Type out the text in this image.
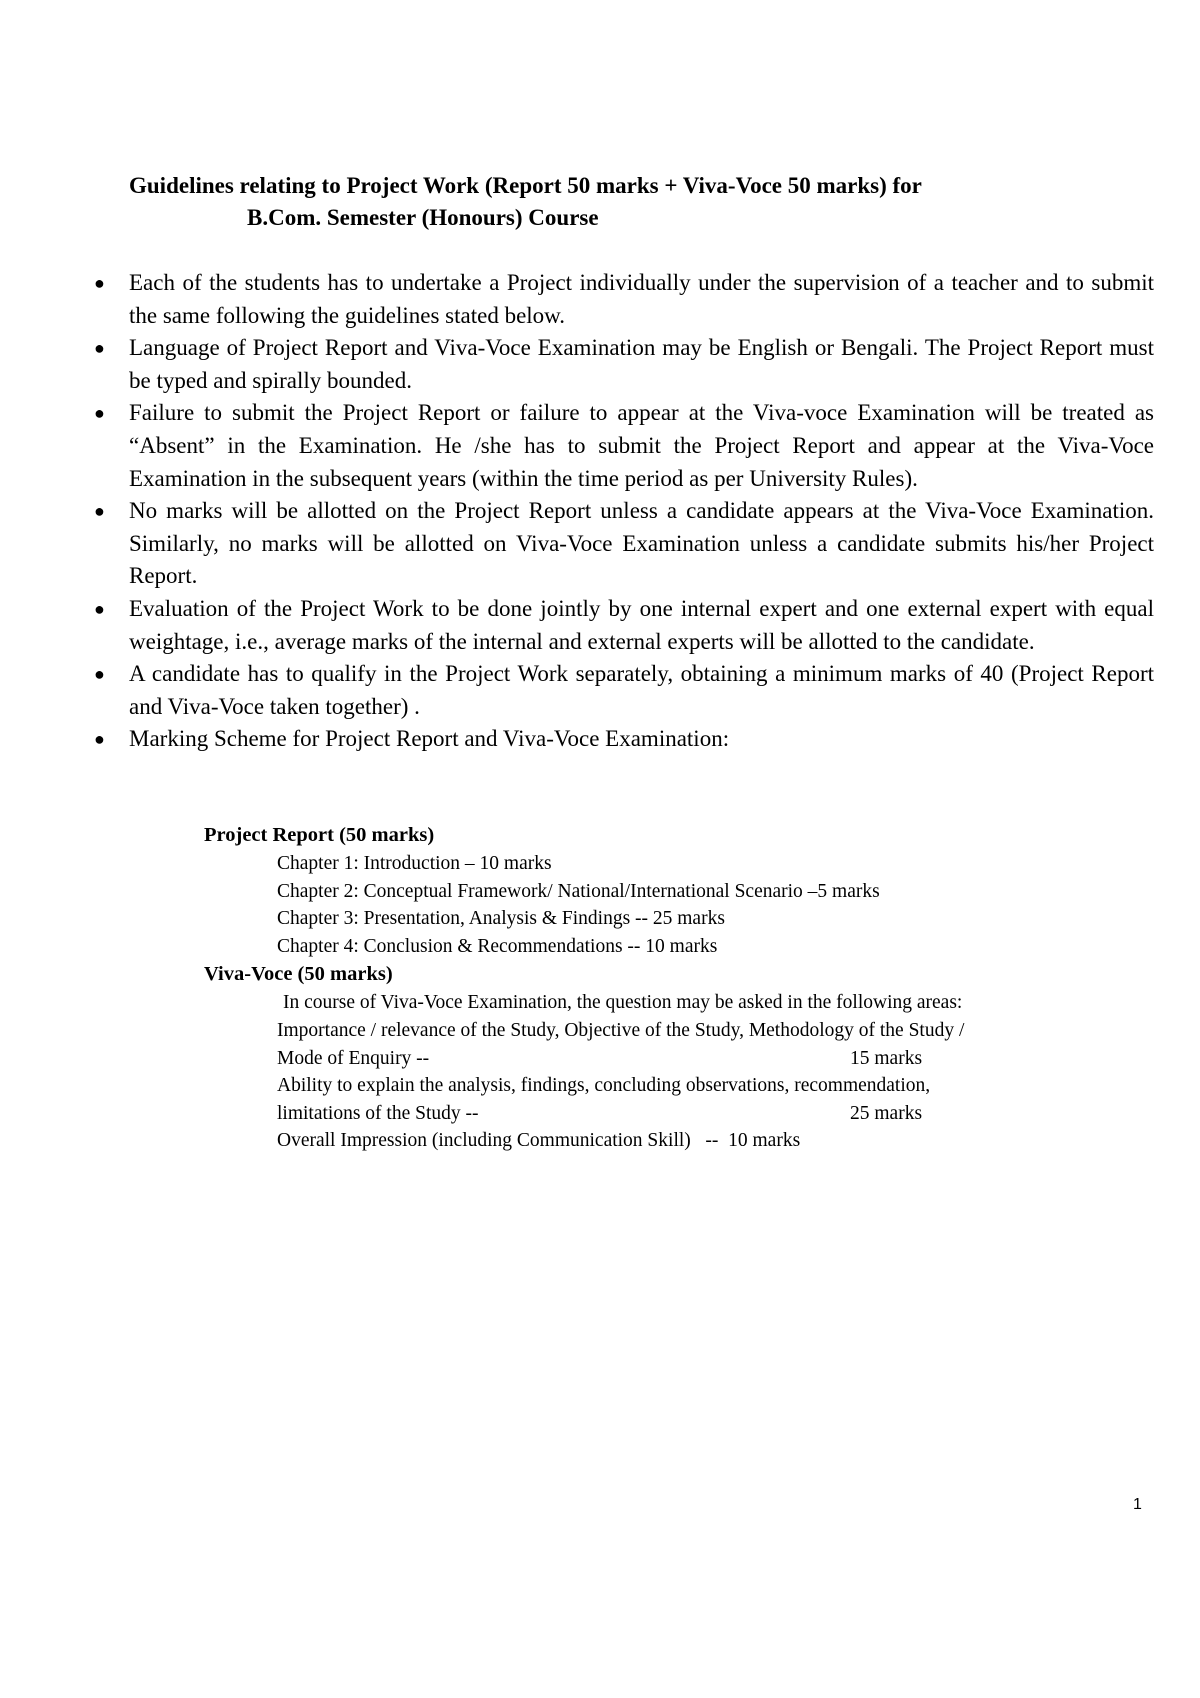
Guidelines relating to Project Work (Report 50 marks + Viva-Voce 50 marks) for
B.Com. Semester (Honours) Course
● Each of the students has to undertake a Project individually under the supervision of a teacher and to submit the same following the guidelines stated below.
● Language of Project Report and Viva-Voce Examination may be English or Bengali. The Project Report must be typed and spirally bounded.
● Failure to submit the Project Report or failure to appear at the Viva-voce Examination will be treated as “Absent” in the Examination. He /she has to submit the Project Report and appear at the Viva-Voce Examination in the subsequent years (within the time period as per University Rules).
● No marks will be allotted on the Project Report unless a candidate appears at the Viva-Voce Examination. Similarly, no marks will be allotted on Viva-Voce Examination unless a candidate submits his/her Project Report.
● Evaluation of the Project Work to be done jointly by one internal expert and one external expert with equal weightage, i.e., average marks of the internal and external experts will be allotted to the candidate.
● A candidate has to qualify in the Project Work separately, obtaining a minimum marks of 40 (Project Report and Viva-Voce taken together) .
● Marking Scheme for Project Report and Viva-Voce Examination:
Project Report (50 marks)
Chapter 1: Introduction – 10 marks
Chapter 2: Conceptual Framework/ National/International Scenario –5 marks
Chapter 3: Presentation, Analysis & Findings -- 25 marks
Chapter 4: Conclusion & Recommendations -- 10 marks
Viva-Voce (50 marks)
In course of Viva-Voce Examination, the question may be asked in the following areas:
Importance / relevance of the Study, Objective of the Study, Methodology of the Study /
Mode of Enquiry --	15 marks
Ability to explain the analysis, findings, concluding observations, recommendation,
limitations of the Study --	25 marks
Overall Impression (including Communication Skill)   --  10 marks
1
